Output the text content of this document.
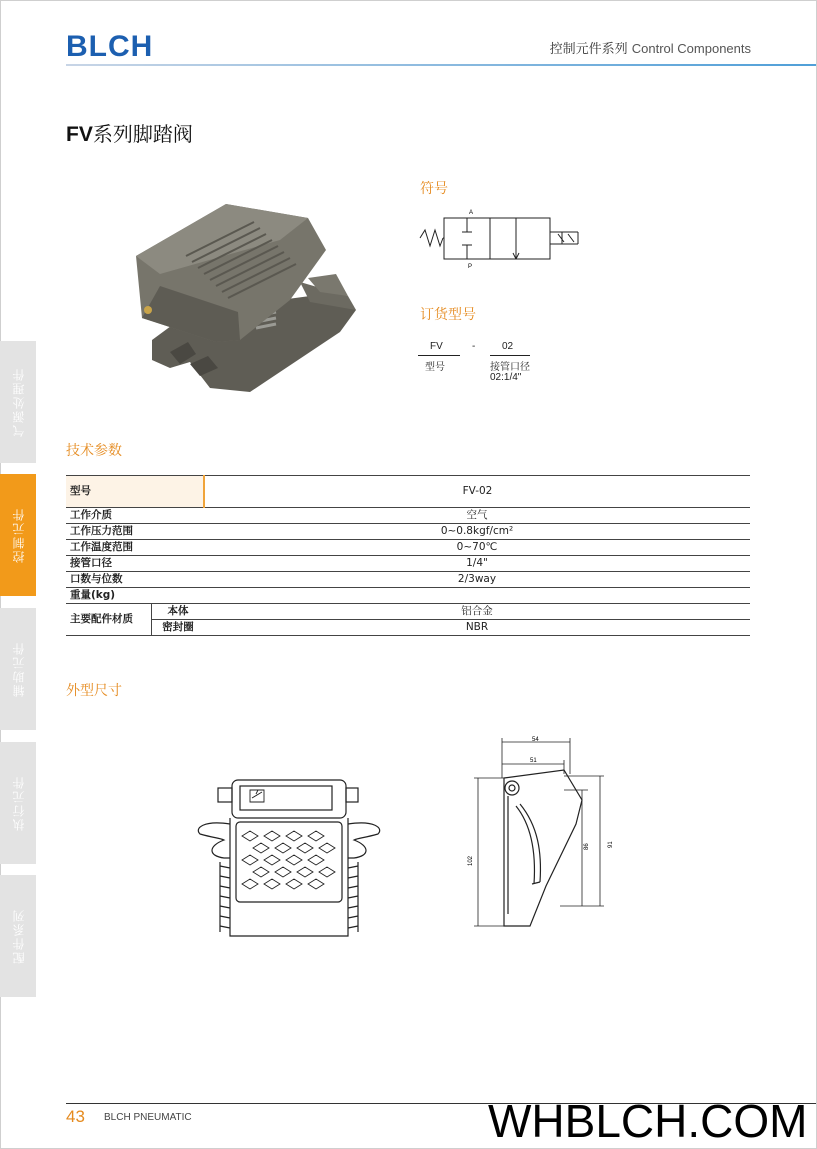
BLCH	控制元件系列 Control Components
FV系列脚踏阀
符号
A
P
订货型号
FV	-	02
型号	接管口径
02:1/4"
技术参数
型号		FV-02
工作介质		空气
工作压力范围		0~0.8kgf/cm²
工作温度范围		0~70℃
接管口径		1/4"
口数与位数		2/3way
重量(kg)		
主要配件材质	本体	铝合金
	密封圈	NBR
外型尺寸
54
51
86	91
102
气源处理件
控制元件
辅助元件
执行元件
配件系列
43 BLCH PNEUMATIC	WHBLCH.COM
